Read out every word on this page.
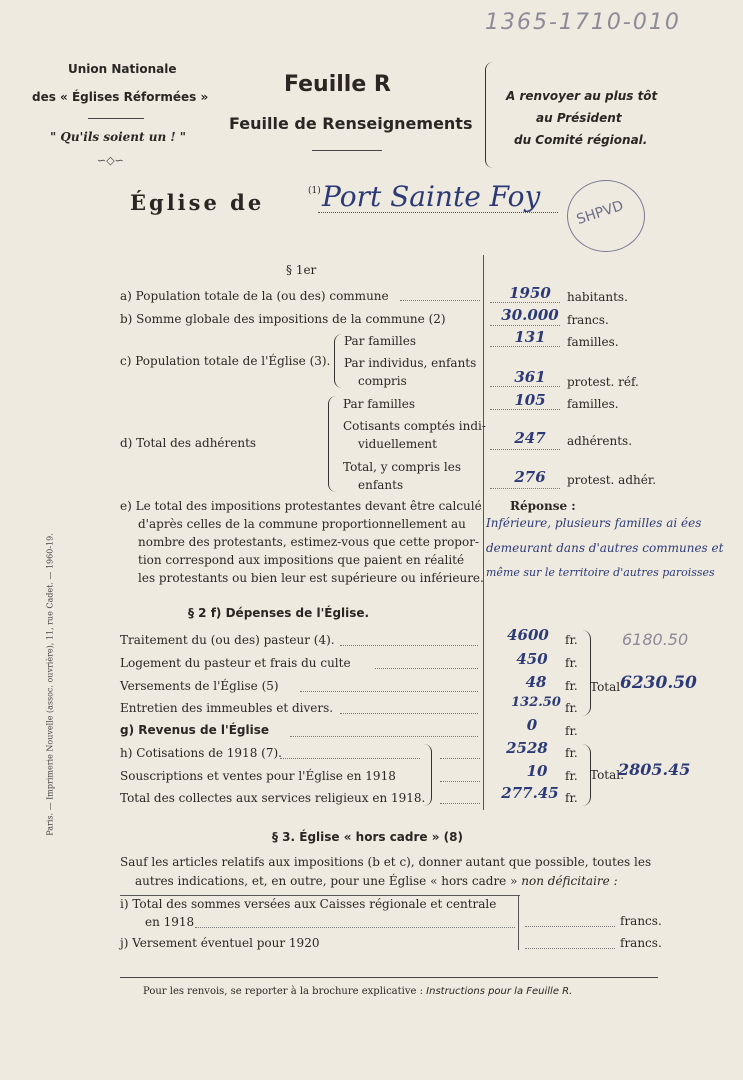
1365-1710-010
Union Nationale
des « Églises Réformées »
" Qu'ils soient un ! "
∽◇∽
Feuille R
Feuille de Renseignements
A renvoyer au plus tôt
au Président
du Comité régional.
Église de	(1) Port Sainte Foy SHPVD
§ 1er
a) Population totale de la (ou des) commune	1950	habitants.
b) Somme globale des impositions de la commune (2)	30.000 francs.
c) Population totale de l'Église (3).
Par familles	131	familles.
Par individus, enfants
compris	361	protest. réf.
d) Total des adhérents
Par familles	105	familles.
Cotisants comptés indi-
viduellement	247	adhérents.
Total, y compris les
enfants	276	protest. adhér.
e) Le total des impositions protestantes devant être calculé
d'après celles de la commune proportionnellement au
nombre des protestants, estimez-vous que cette propor-
tion correspond aux impositions que paient en réalité
les protestants ou bien leur est supérieure ou inférieure.
Réponse :
Inférieure, plusieurs familles ai ées
demeurant dans d'autres communes et
même sur le territoire d'autres paroisses
§ 2 f) Dépenses de l'Église.
Traitement du (ou des) pasteur (4).	4600	fr.
Logement du pasteur et frais du culte	450	fr.
Versements de l'Église (5)	48	fr.
Entretien des immeubles et divers.	132.50 fr.
Total 6230.50
6180.50
g) Revenus de l'Église	0	fr.
h) Cotisations de 1918 (7).	2528	fr.
Souscriptions et ventes pour l'Église en 1918	10	fr.
Total des collectes aux services religieux en 1918.	277.45 fr.
Total:
2805.45
§ 3. Église « hors cadre » (8)
Sauf les articles relatifs aux impositions (b et c), donner autant que possible, toutes les
autres indications, et, en outre, pour une Église « hors cadre » non déficitaire :
i) Total des sommes versées aux Caisses régionale et centrale
en 1918	francs.
j) Versement éventuel pour 1920	francs.
Pour les renvois, se reporter à la brochure explicative : Instructions pour la Feuille R.
Paris. — Imprimerie Nouvelle (assoc. ouvrière), 11, rue Cadet. — 1960-19.
